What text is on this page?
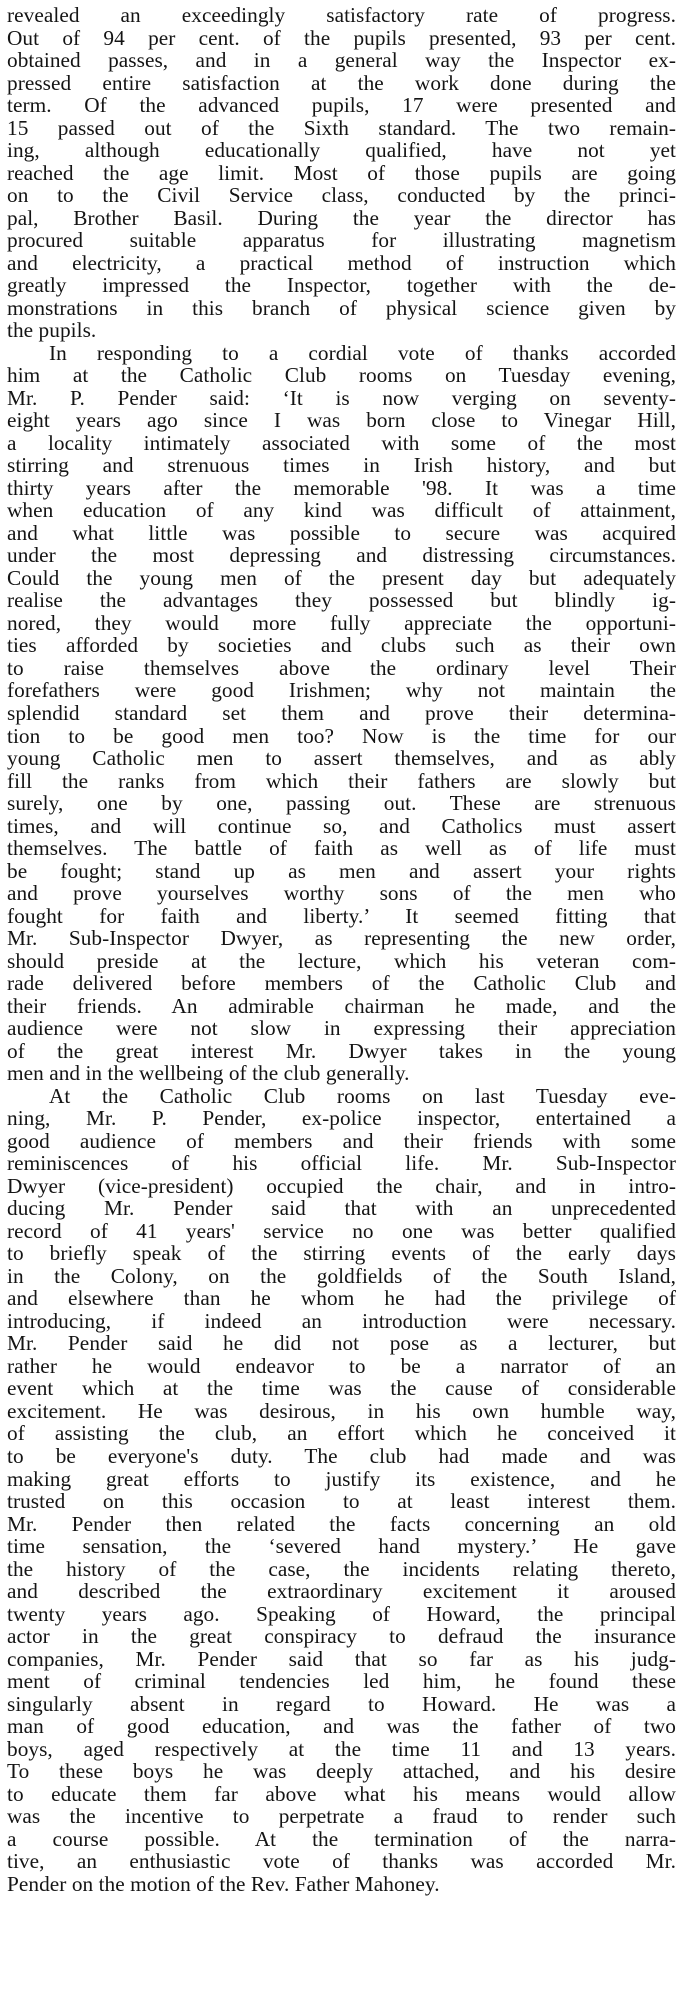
revealed an exceedingly satisfactory rate of progress.
Out of 94 per cent. of the pupils presented, 93 per cent.
obtained passes, and in a general way the Inspector ex-
pressed entire satisfaction at the work done during the
term. Of the advanced pupils, 17 were presented and
15 passed out of the Sixth standard. The two remain-
ing, although educationally qualified, have not yet
reached the age limit. Most of those pupils are going
on to the Civil Service class, conducted by the princi-
pal, Brother Basil. During the year the director has
procured suitable apparatus for illustrating magnetism
and electricity, a practical method of instruction which
greatly impressed the Inspector, together with the de-
monstrations in this branch of physical science given by
the pupils.
In responding to a cordial vote of thanks accorded
him at the Catholic Club rooms on Tuesday evening,
Mr. P. Pender said: ‘It is now verging on seventy-
eight years ago since I was born close to Vinegar Hill,
a locality intimately associated with some of the most
stirring and strenuous times in Irish history, and but
thirty years after the memorable '98. It was a time
when education of any kind was difficult of attainment,
and what little was possible to secure was acquired
under the most depressing and distressing circumstances.
Could the young men of the present day but adequately
realise the advantages they possessed but blindly ig-
nored, they would more fully appreciate the opportuni-
ties afforded by societies and clubs such as their own
to raise themselves above the ordinary level Their
forefathers were good Irishmen; why not maintain the
splendid standard set them and prove their determina-
tion to be good men too? Now is the time for our
young Catholic men to assert themselves, and as ably
fill the ranks from which their fathers are slowly but
surely, one by one, passing out. These are strenuous
times, and will continue so, and Catholics must assert
themselves. The battle of faith as well as of life must
be fought; stand up as men and assert your rights
and prove yourselves worthy sons of the men who
fought for faith and liberty.’ It seemed fitting that
Mr. Sub-Inspector Dwyer, as representing the new order,
should preside at the lecture, which his veteran com-
rade delivered before members of the Catholic Club and
their friends. An admirable chairman he made, and the
audience were not slow in expressing their appreciation
of the great interest Mr. Dwyer takes in the young
men and in the wellbeing of the club generally.
At the Catholic Club rooms on last Tuesday eve-
ning, Mr. P. Pender, ex-police inspector, entertained a
good audience of members and their friends with some
reminiscences of his official life. Mr. Sub-Inspector
Dwyer (vice-president) occupied the chair, and in intro-
ducing Mr. Pender said that with an unprecedented
record of 41 years' service no one was better qualified
to briefly speak of the stirring events of the early days
in the Colony, on the goldfields of the South Island,
and elsewhere than he whom he had the privilege of
introducing, if indeed an introduction were necessary.
Mr. Pender said he did not pose as a lecturer, but
rather he would endeavor to be a narrator of an
event which at the time was the cause of considerable
excitement. He was desirous, in his own humble way,
of assisting the club, an effort which he conceived it
to be everyone's duty. The club had made and was
making great efforts to justify its existence, and he
trusted on this occasion to at least interest them.
Mr. Pender then related the facts concerning an old
time sensation, the ‘severed hand mystery.’ He gave
the history of the case, the incidents relating thereto,
and described the extraordinary excitement it aroused
twenty years ago. Speaking of Howard, the principal
actor in the great conspiracy to defraud the insurance
companies, Mr. Pender said that so far as his judg-
ment of criminal tendencies led him, he found these
singularly absent in regard to Howard. He was a
man of good education, and was the father of two
boys, aged respectively at the time 11 and 13 years.
To these boys he was deeply attached, and his desire
to educate them far above what his means would allow
was the incentive to perpetrate a fraud to render such
a course possible. At the termination of the narra-
tive, an enthusiastic vote of thanks was accorded Mr.
Pender on the motion of the Rev. Father Mahoney.
